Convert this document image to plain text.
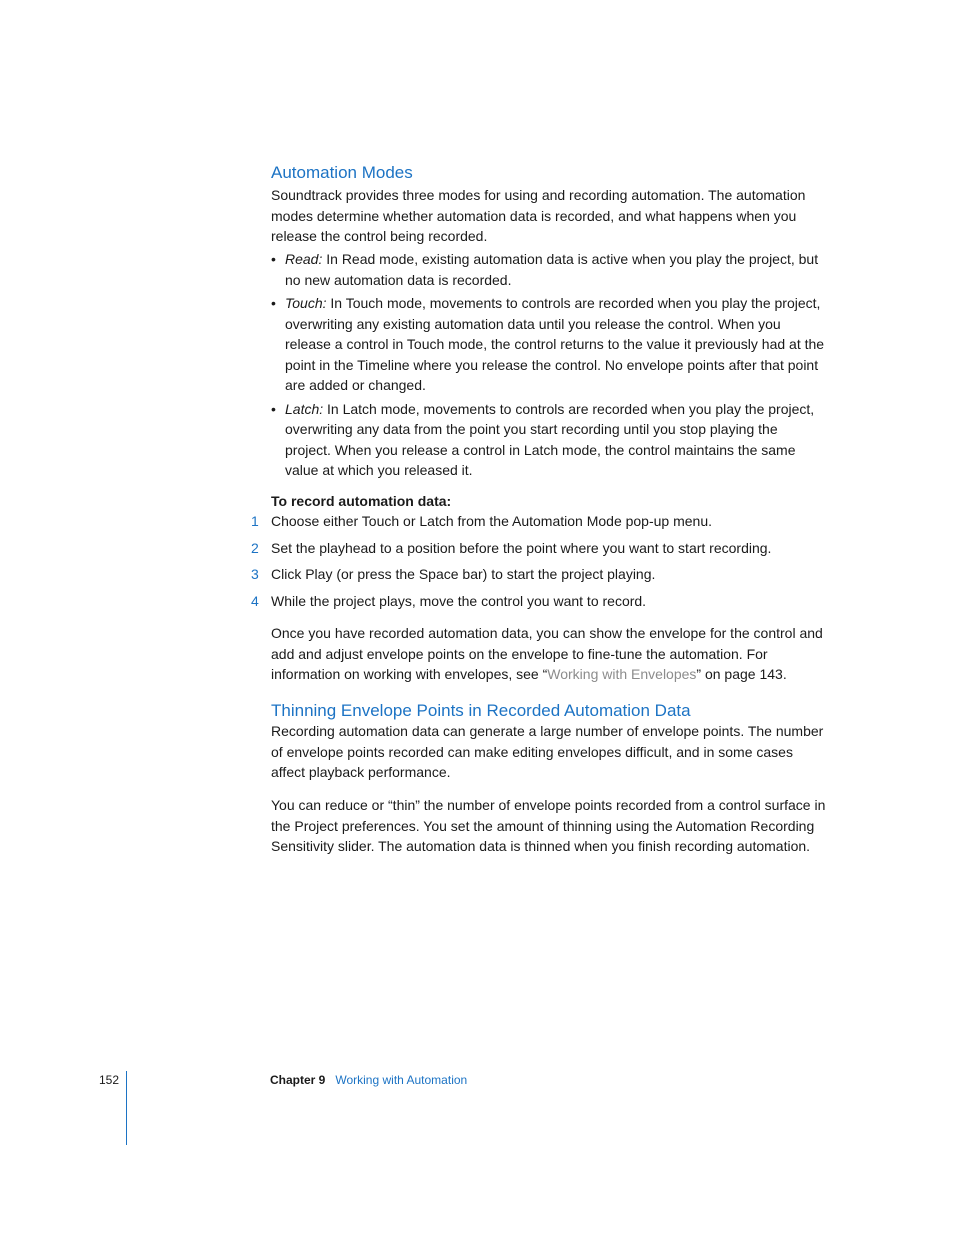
Automation Modes

Soundtrack provides three modes for using and recording automation. The automation modes determine whether automation data is recorded, and what happens when you release the control being recorded.

• Read: In Read mode, existing automation data is active when you play the project, but no new automation data is recorded.
• Touch: In Touch mode, movements to controls are recorded when you play the project, overwriting any existing automation data until you release the control. When you release a control in Touch mode, the control returns to the value it previously had at the point in the Timeline where you release the control. No envelope points after that point are added or changed.
• Latch: In Latch mode, movements to controls are recorded when you play the project, overwriting any data from the point you start recording until you stop playing the project. When you release a control in Latch mode, the control maintains the same value at which you released it.
To record automation data:
1 Choose either Touch or Latch from the Automation Mode pop-up menu.
2 Set the playhead to a position before the point where you want to start recording.
3 Click Play (or press the Space bar) to start the project playing.
4 While the project plays, move the control you want to record.

Once you have recorded automation data, you can show the envelope for the control and add and adjust envelope points on the envelope to fine-tune the automation. For information on working with envelopes, see “Working with Envelopes” on page 143.

Thinning Envelope Points in Recorded Automation Data

Recording automation data can generate a large number of envelope points. The number of envelope points recorded can make editing envelopes difficult, and in some cases affect playback performance.

You can reduce or “thin” the number of envelope points recorded from a control surface in the Project preferences. You set the amount of thinning using the Automation Recording Sensitivity slider. The automation data is thinned when you finish recording automation.

152	Chapter 9 Working with Automation
